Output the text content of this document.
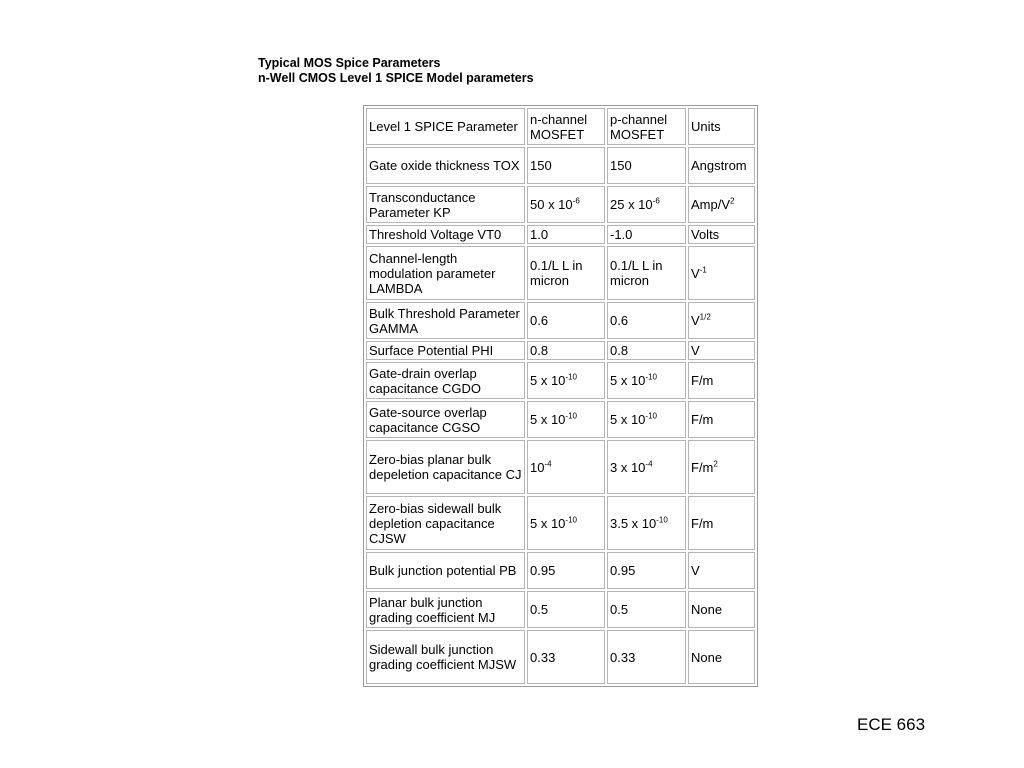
Typical MOS Spice Parameters
n-Well CMOS Level 1 SPICE Model parameters
Level 1 SPICE Parameter	n-channel MOSFET	p-channel MOSFET	Units
Gate oxide thickness TOX	150	150	Angstrom
Transconductance Parameter KP	50 x $10^{-6}$	25 x $10^{-6}$	Amp/$V^2$
Threshold Voltage VT0	1.0	-1.0	Volts
Channel-length modulation parameter LAMBDA	0.1/L L in micron	0.1/L L in micron	$V^{-1}$
Bulk Threshold Parameter GAMMA	0.6	0.6	$V^{1/2}$
Surface Potential PHI	0.8	0.8	V
Gate-drain overlap capacitance CGDO	5 x $10^{-10}$	5 x $10^{-10}$	F/m
Gate-source overlap capacitance CGSO	5 x $10^{-10}$	5 x $10^{-10}$	F/m
Zero-bias planar bulk depeletion capacitance CJ	$10^{-4}$	3 x $10^{-4}$	$F/m^2$
Zero-bias sidewall bulk depletion capacitance CJSW	5 x $10^{-10}$	3.5 x $10^{-10}$	F/m
Bulk junction potential PB	0.95	0.95	V
Planar bulk junction grading coefficient MJ	0.5	0.5	None
Sidewall bulk junction grading coefficient MJSW	0.33	0.33	None
ECE 663
